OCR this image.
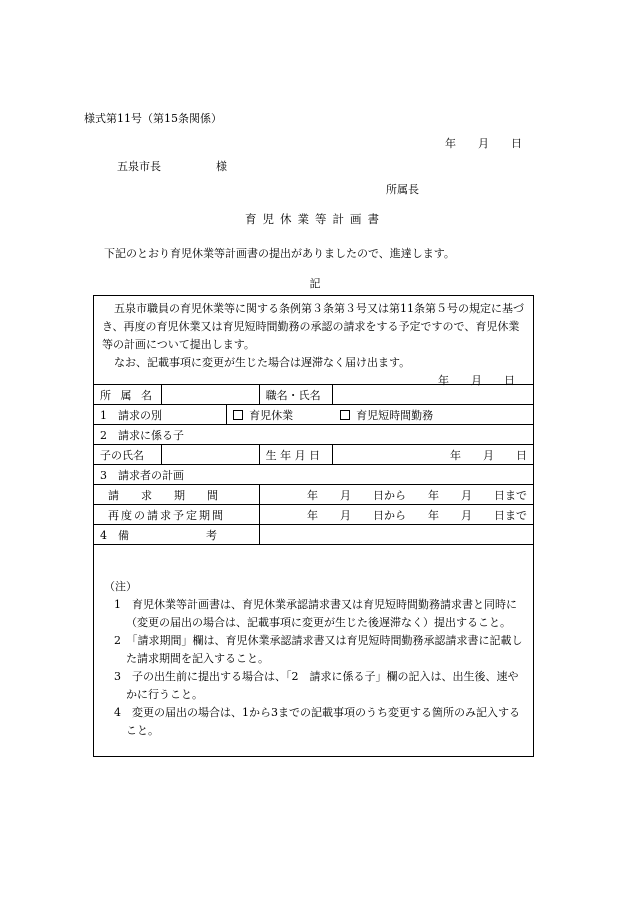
様式第11号（第15条関係）
年　　月　　日
五泉市長　　　　　様
所属長
育児休業等計画書
下記のとおり育児休業等計画書の提出がありましたので、進達します。
記

五泉市職員の育児休業等に関する条例第３条第３号又は第11条第５号の規定に基づき、再度の育児休業又は育児短時間勤務の承認の請求をする予定ですので、育児休業等の計画について提出します。

なお、記載事項に変更が生じた場合は遅滞なく届け出ます。

年　　月　　日

所 属 名			職名・氏名	
1　請求の別		育児休業 育児短時間勤務		
2　請求に係る子				
子の氏名			生 年 月 日	年　　月　　日
3　請求者の計画				
請　　求　　期　　間			年　　月　　日から　　年　　月　　日まで	
再度の請求予定期間			年　　月　　日から　　年　　月　　日まで	
4　備　　　　　　　考				

（注）

1　育児休業等計画書は、育児休業承認請求書又は育児短時間勤務請求書と同時に（変更の届出の場合は、記載事項に変更が生じた後遅滞なく）提出すること。

2　「請求期間」欄は、育児休業承認請求書又は育児短時間勤務承認請求書に記載した請求期間を記入すること。

3　子の出生前に提出する場合は、「2　請求に係る子」欄の記入は、出生後、速やかに行うこと。

4　変更の届出の場合は、1から3までの記載事項のうち変更する箇所のみ記入すること。
